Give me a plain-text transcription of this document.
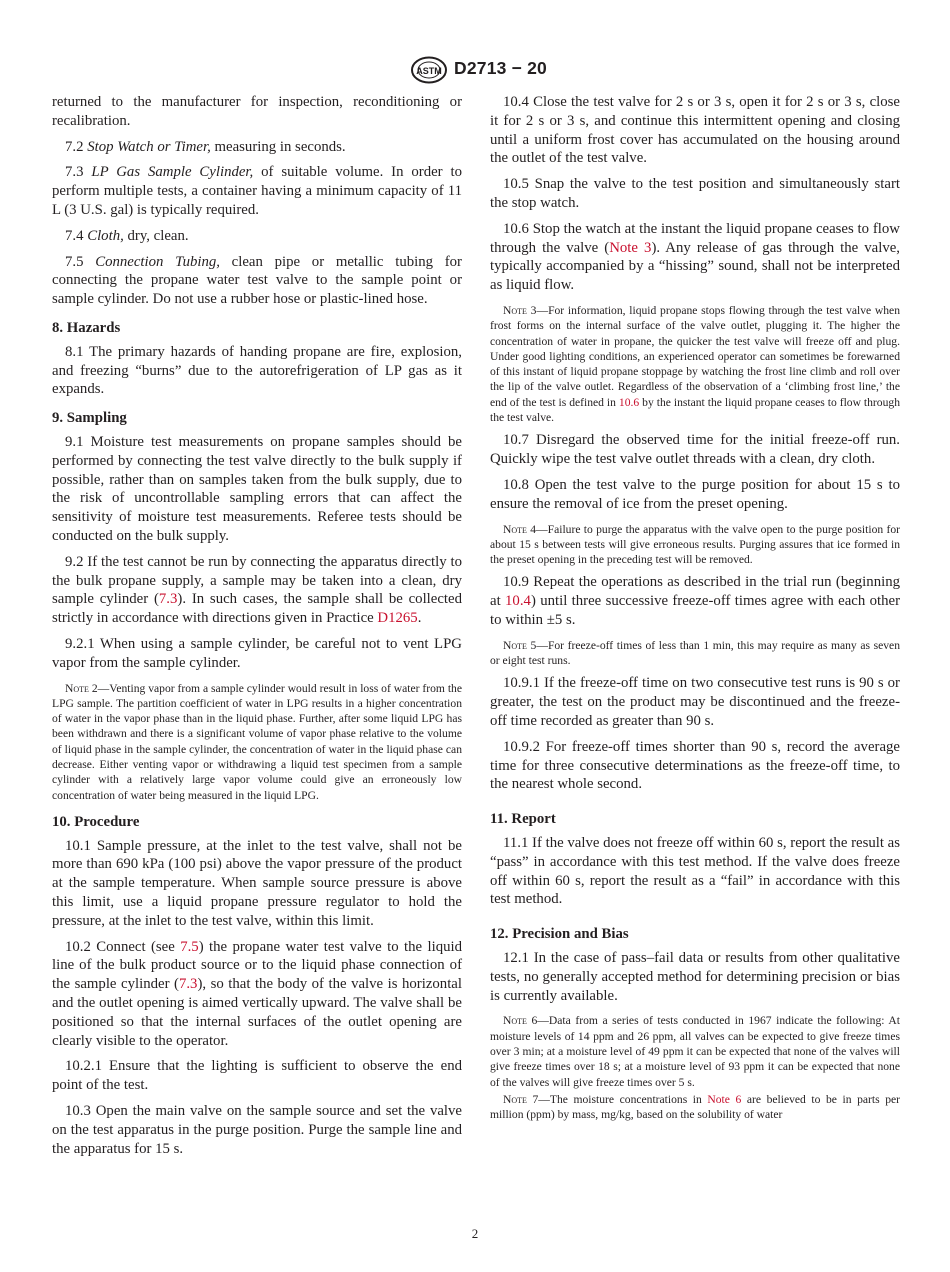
ASTM D2713 − 20

returned to the manufacturer for inspection, reconditioning or recalibration.

7.2 Stop Watch or Timer, measuring in seconds.

7.3 LP Gas Sample Cylinder, of suitable volume. In order to perform multiple tests, a container having a minimum capacity of 11 L (3 U.S. gal) is typically required.

7.4 Cloth, dry, clean.

7.5 Connection Tubing, clean pipe or metallic tubing for connecting the propane water test valve to the sample point or sample cylinder. Do not use a rubber hose or plastic-lined hose.

8. Hazards

8.1 The primary hazards of handing propane are fire, explosion, and freezing “burns” due to the autorefrigeration of LP gas as it expands.

9. Sampling

9.1 Moisture test measurements on propane samples should be performed by connecting the test valve directly to the bulk supply if possible, rather than on samples taken from the bulk supply, due to the risk of uncontrollable sampling errors that can affect the sensitivity of moisture test measurements. Referee tests should be conducted on the bulk supply.

9.2 If the test cannot be run by connecting the apparatus directly to the bulk propane supply, a sample may be taken into a clean, dry sample cylinder (7.3). In such cases, the sample shall be collected strictly in accordance with directions given in Practice D1265.

9.2.1 When using a sample cylinder, be careful not to vent LPG vapor from the sample cylinder.

Note 2—Venting vapor from a sample cylinder would result in loss of water from the LPG sample. The partition coefficient of water in LPG results in a higher concentration of water in the vapor phase than in the liquid phase. Further, after some liquid LPG has been withdrawn and there is a significant volume of vapor phase relative to the volume of liquid phase in the sample cylinder, the concentration of water in the liquid phase can decrease. Either venting vapor or withdrawing a liquid test specimen from a sample cylinder with a relatively large vapor volume could give an erroneously low concentration of water being measured in the liquid LPG.

10. Procedure

10.1 Sample pressure, at the inlet to the test valve, shall not be more than 690 kPa (100 psi) above the vapor pressure of the product at the sample temperature. When sample source pressure is above this limit, use a liquid propane pressure regulator to hold the pressure, at the inlet to the test valve, within this limit.

10.2 Connect (see 7.5) the propane water test valve to the liquid line of the bulk product source or to the liquid phase connection of the sample cylinder (7.3), so that the body of the valve is horizontal and the outlet opening is aimed vertically upward. The valve shall be positioned so that the internal surfaces of the outlet opening are clearly visible to the operator.

10.2.1 Ensure that the lighting is sufficient to observe the end point of the test.

10.3 Open the main valve on the sample source and set the valve on the test apparatus in the purge position. Purge the sample line and the apparatus for 15 s.

10.4 Close the test valve for 2 s or 3 s, open it for 2 s or 3 s, close it for 2 s or 3 s, and continue this intermittent opening and closing until a uniform frost cover has accumulated on the housing around the outlet of the test valve.

10.5 Snap the valve to the test position and simultaneously start the stop watch.

10.6 Stop the watch at the instant the liquid propane ceases to flow through the valve (Note 3). Any release of gas through the valve, typically accompanied by a “hissing” sound, shall not be interpreted as liquid flow.

Note 3—For information, liquid propane stops flowing through the test valve when frost forms on the internal surface of the valve outlet, plugging it. The higher the concentration of water in propane, the quicker the test valve will freeze off and plug. Under good lighting conditions, an experienced operator can sometimes be forewarned of this instant of liquid propane stoppage by watching the frost line climb and roll over the lip of the valve outlet. Regardless of the observation of a ‘climbing frost line,’ the end of the test is defined in 10.6 by the instant the liquid propane ceases to flow through the test valve.

10.7 Disregard the observed time for the initial freeze-off run. Quickly wipe the test valve outlet threads with a clean, dry cloth.

10.8 Open the test valve to the purge position for about 15 s to ensure the removal of ice from the preset opening.

Note 4—Failure to purge the apparatus with the valve open to the purge position for about 15 s between tests will give erroneous results. Purging assures that ice formed in the preset opening in the preceding test will be removed.

10.9 Repeat the operations as described in the trial run (beginning at 10.4) until three successive freeze-off times agree with each other to within ±5 s.

Note 5—For freeze-off times of less than 1 min, this may require as many as seven or eight test runs.

10.9.1 If the freeze-off time on two consecutive test runs is 90 s or greater, the test on the product may be discontinued and the freeze-off time recorded as greater than 90 s.

10.9.2 For freeze-off times shorter than 90 s, record the average time for three consecutive determinations as the freeze-off time, to the nearest whole second.

11. Report

11.1 If the valve does not freeze off within 60 s, report the result as “pass” in accordance with this test method. If the valve does freeze off within 60 s, report the result as a “fail” in accordance with this test method.

12. Precision and Bias

12.1 In the case of pass–fail data or results from other qualitative tests, no generally accepted method for determining precision or bias is currently available.

Note 6—Data from a series of tests conducted in 1967 indicate the following: At moisture levels of 14 ppm and 26 ppm, all valves can be expected to give freeze times over 3 min; at a moisture level of 49 ppm it can be expected that none of the valves will give freeze times over 18 s; at a moisture level of 93 ppm it can be expected that none of the valves will give freeze times over 5 s.

Note 7—The moisture concentrations in Note 6 are believed to be in parts per million (ppm) by mass, mg/kg, based on the solubility of water

2
